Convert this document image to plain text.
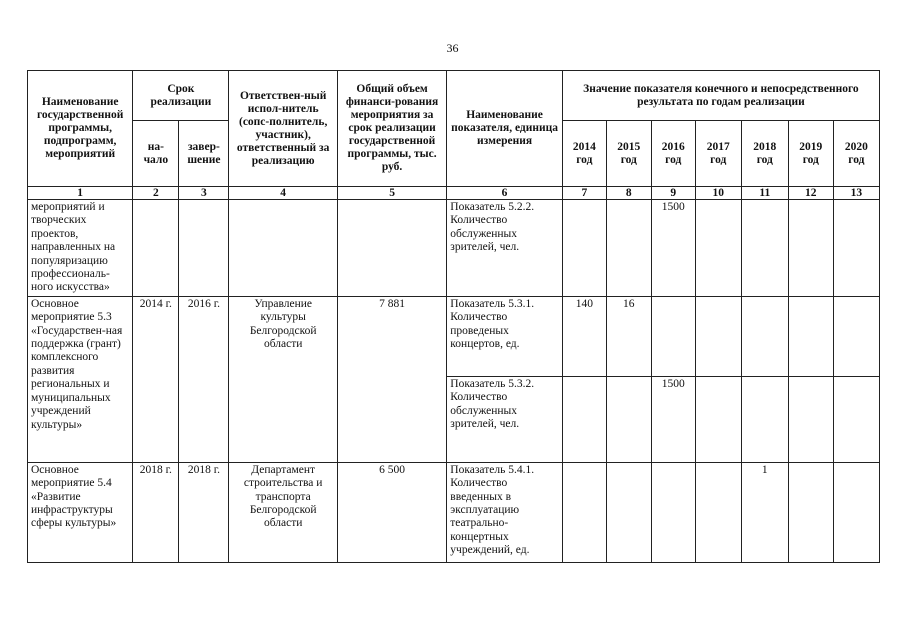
36
Наименование государственной программы, подпрограмм, мероприятий	Срок реализации		Ответствен-ный испол-нитель (сопс-полнитель, участник), ответственный за реализацию	Общий объем финанси-рования мероприятия за срок реализации государственной программы, тыс. руб.	Наименование показателя, единица измерения	Значение показателя конечного и непосредственного результата по годам реализации						
	на-чало	завер-шение				2014 год	2015 год	2016 год	2017 год	2018 год	2019 год	2020 год
1	2	3	4	5	6	7	8	9	10	11	12	13
мероприятий и творческих проектов, направленных на популяризацию профессиональ-ного искусства»					Показатель 5.2.2. Количество обслуженных зрителей, чел.			1500				
Основное мероприятие 5.3 «Государствен-ная поддержка (грант) комплексного развития региональных и муниципальных учреждений культуры»	2014 г.	2016 г.	Управление культуры Белгородской области	7 881	Показатель 5.3.1. Количество проведеных концертов, ед.	140	16					
					Показатель 5.3.2. Количество обслуженных зрителей, чел.			1500				
Основное мероприятие 5.4 «Развитие инфраструктуры сферы культуры»	2018 г.	2018 г.	Департамент строительства и транспорта Белгородской области	6 500	Показатель 5.4.1. Количество введенных в эксплуатацию театрально-концертных учреждений, ед.					1		
